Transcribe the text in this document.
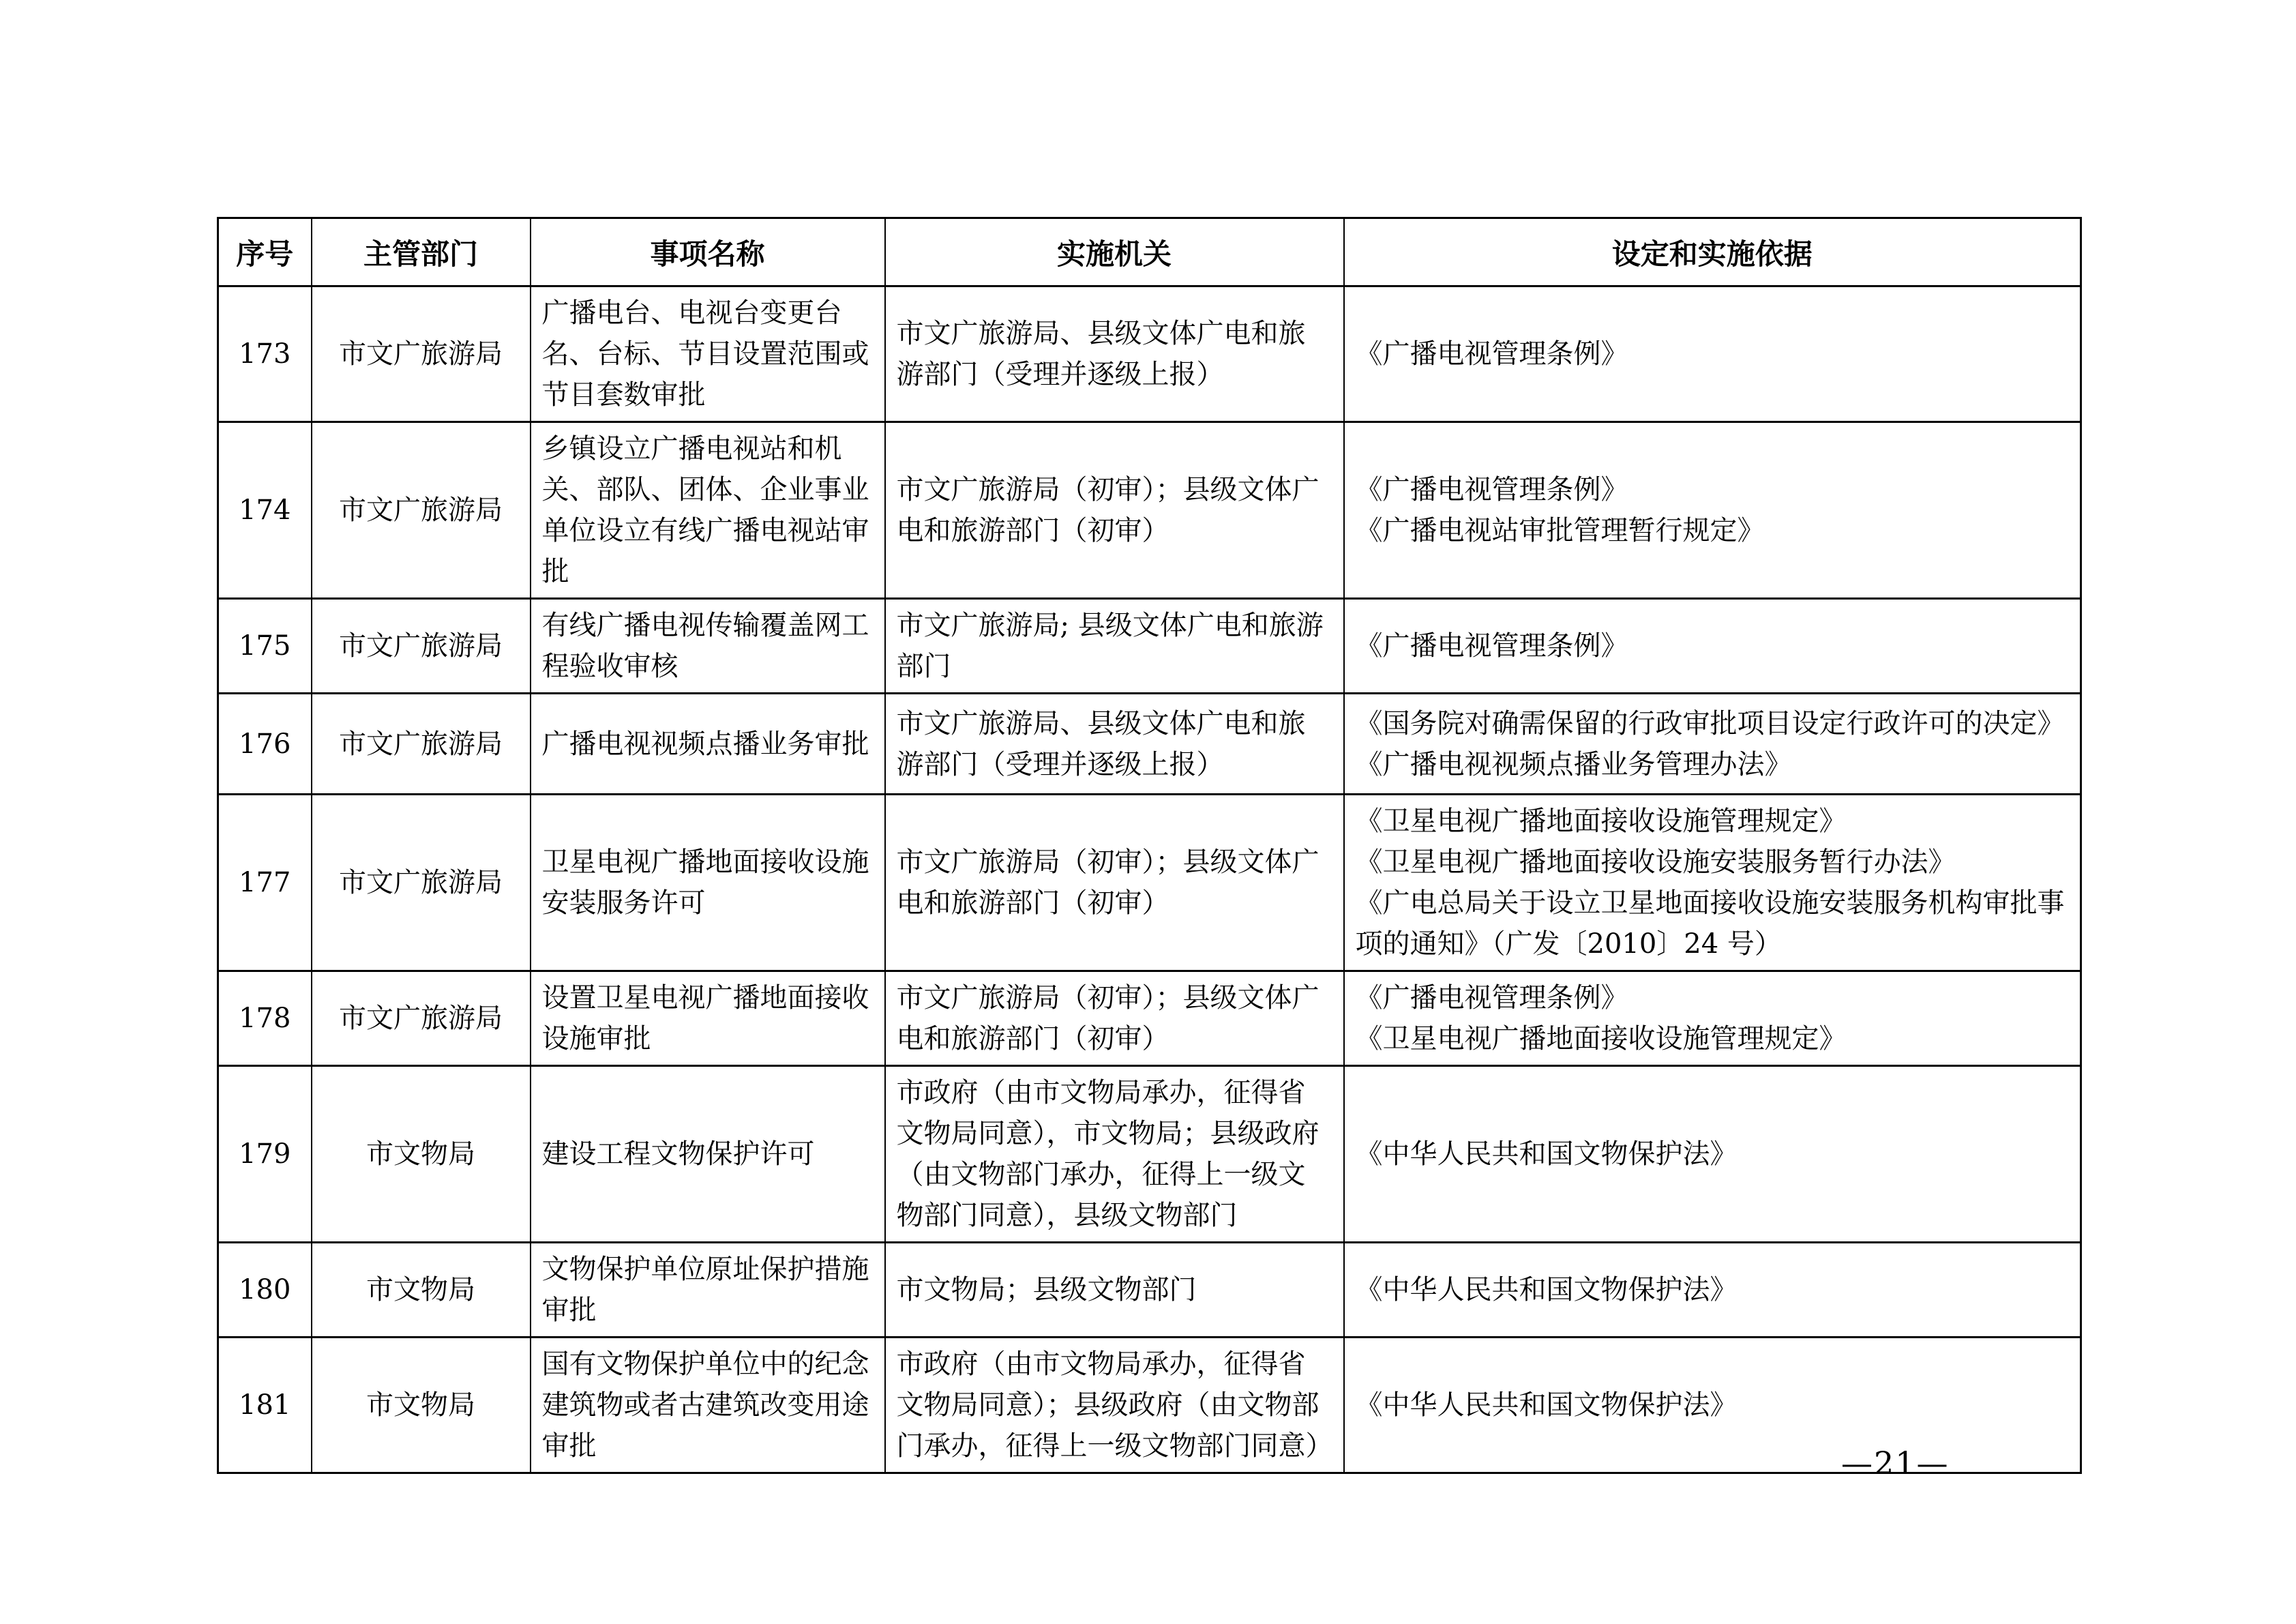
序号	主管部门	事项名称	实施机关	设定和实施依据
173	市文广旅游局	广播电台、电视台变更台名、台标、节目设置范围或节目套数审批	市文广旅游局、县级文体广电和旅游部门（受理并逐级上报）	《广播电视管理条例》

174	市文广旅游局	乡镇设立广播电视站和机关、部队、团体、企业事业单位设立有线广播电视站审批	市文广旅游局（初审）；县级文体广电和旅游部门（初审）	《广播电视管理条例》
《广播电视站审批管理暂行规定》

175	市文广旅游局	有线广播电视传输覆盖网工程验收审核	市文广旅游局; 县级文体广电和旅游部门	《广播电视管理条例》

176	市文广旅游局	广播电视视频点播业务审批	市文广旅游局、县级文体广电和旅游部门（受理并逐级上报）	《国务院对确需保留的行政审批项目设定行政许可的决定》
《广播电视视频点播业务管理办法》

177	市文广旅游局	卫星电视广播地面接收设施安装服务许可	市文广旅游局（初审）；县级文体广电和旅游部门（初审）	《卫星电视广播地面接收设施管理规定》
《卫星电视广播地面接收设施安装服务暂行办法》
《广电总局关于设立卫星地面接收设施安装服务机构审批事项的通知》（广发〔2010〕24 号）

178	市文广旅游局	设置卫星电视广播地面接收设施审批	市文广旅游局（初审）；县级文体广电和旅游部门（初审）	《广播电视管理条例》
《卫星电视广播地面接收设施管理规定》

179	市文物局	建设工程文物保护许可	市政府（由市文物局承办，征得省文物局同意），市文物局；县级政府（由文物部门承办，征得上一级文物部门同意），县级文物部门	《中华人民共和国文物保护法》

180	市文物局	文物保护单位原址保护措施审批	市文物局；县级文物部门	《中华人民共和国文物保护法》

181	市文物局	国有文物保护单位中的纪念建筑物或者古建筑改变用途审批	市政府（由市文物局承办，征得省文物局同意）；县级政府（由文物部门承办，征得上一级文物部门同意）	《中华人民共和国文物保护法》
—21—
